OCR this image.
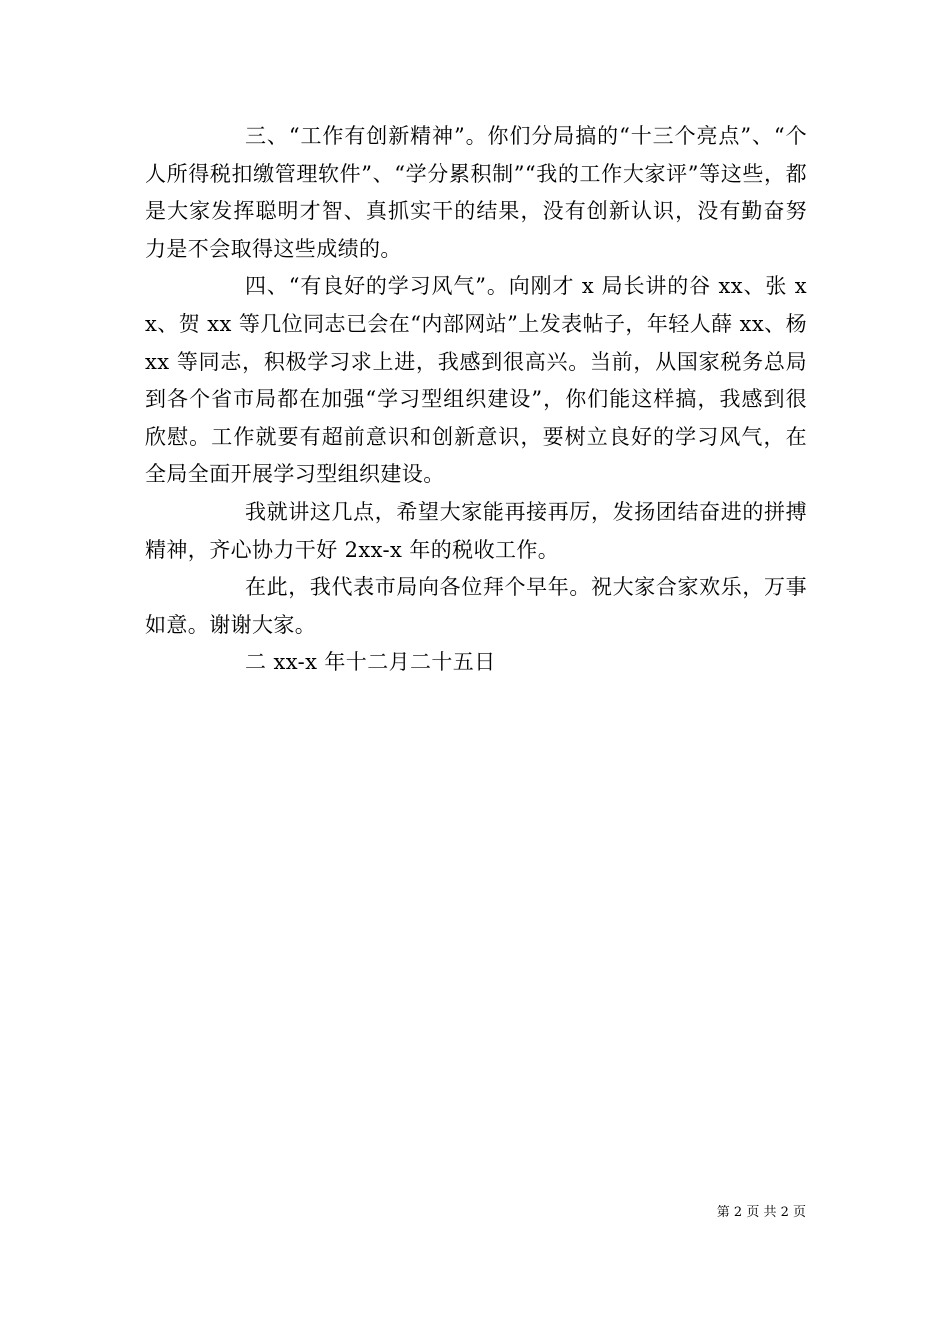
三、“工作有创新精神”。你们分局搞的“十三个亮点”、“个人所得税扣缴管理软件”、“学分累积制”“我的工作大家评”等这些，都是大家发挥聪明才智、真抓实干的结果，没有创新认识，没有勤奋努力是不会取得这些成绩的。

四、“有良好的学习风气”。向刚才 x 局长讲的谷 xx、张 xx、贺 xx 等几位同志已会在“内部网站”上发表帖子，年轻人薛 xx、杨 xx 等同志，积极学习求上进，我感到很高兴。当前，从国家税务总局到各个省市局都在加强“学习型组织建设”，你们能这样搞，我感到很欣慰。工作就要有超前意识和创新意识，要树立良好的学习风气，在全局全面开展学习型组织建设。

我就讲这几点，希望大家能再接再厉，发扬团结奋进的拼搏精神，齐心协力干好 2xx-x 年的税收工作。

在此，我代表市局向各位拜个早年。祝大家合家欢乐，万事如意。谢谢大家。

二 xx-x 年十二月二十五日

第 2 页 共 2 页
